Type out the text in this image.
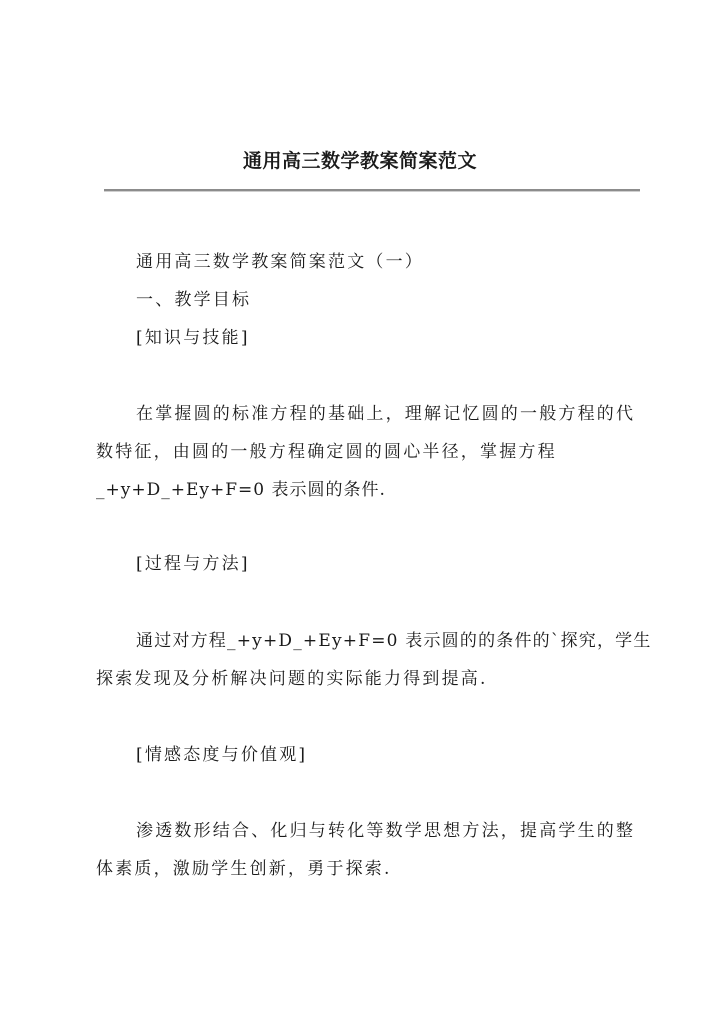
通用高三数学教案简案范文
通用高三数学教案简案范文（一）
一、教学目标
[知识与技能]
在掌握圆的标准方程的基础上，理解记忆圆的一般方程的代
数特征，由圆的一般方程确定圆的圆心半径，掌握方程
_+y+D_+Ey+F=0 表示圆的条件.
[过程与方法]
通过对方程_+y+D_+Ey+F=0 表示圆的的条件的`探究，学生
探索发现及分析解决问题的实际能力得到提高.
[情感态度与价值观]
渗透数形结合、化归与转化等数学思想方法，提高学生的整
体素质，激励学生创新，勇于探索.
